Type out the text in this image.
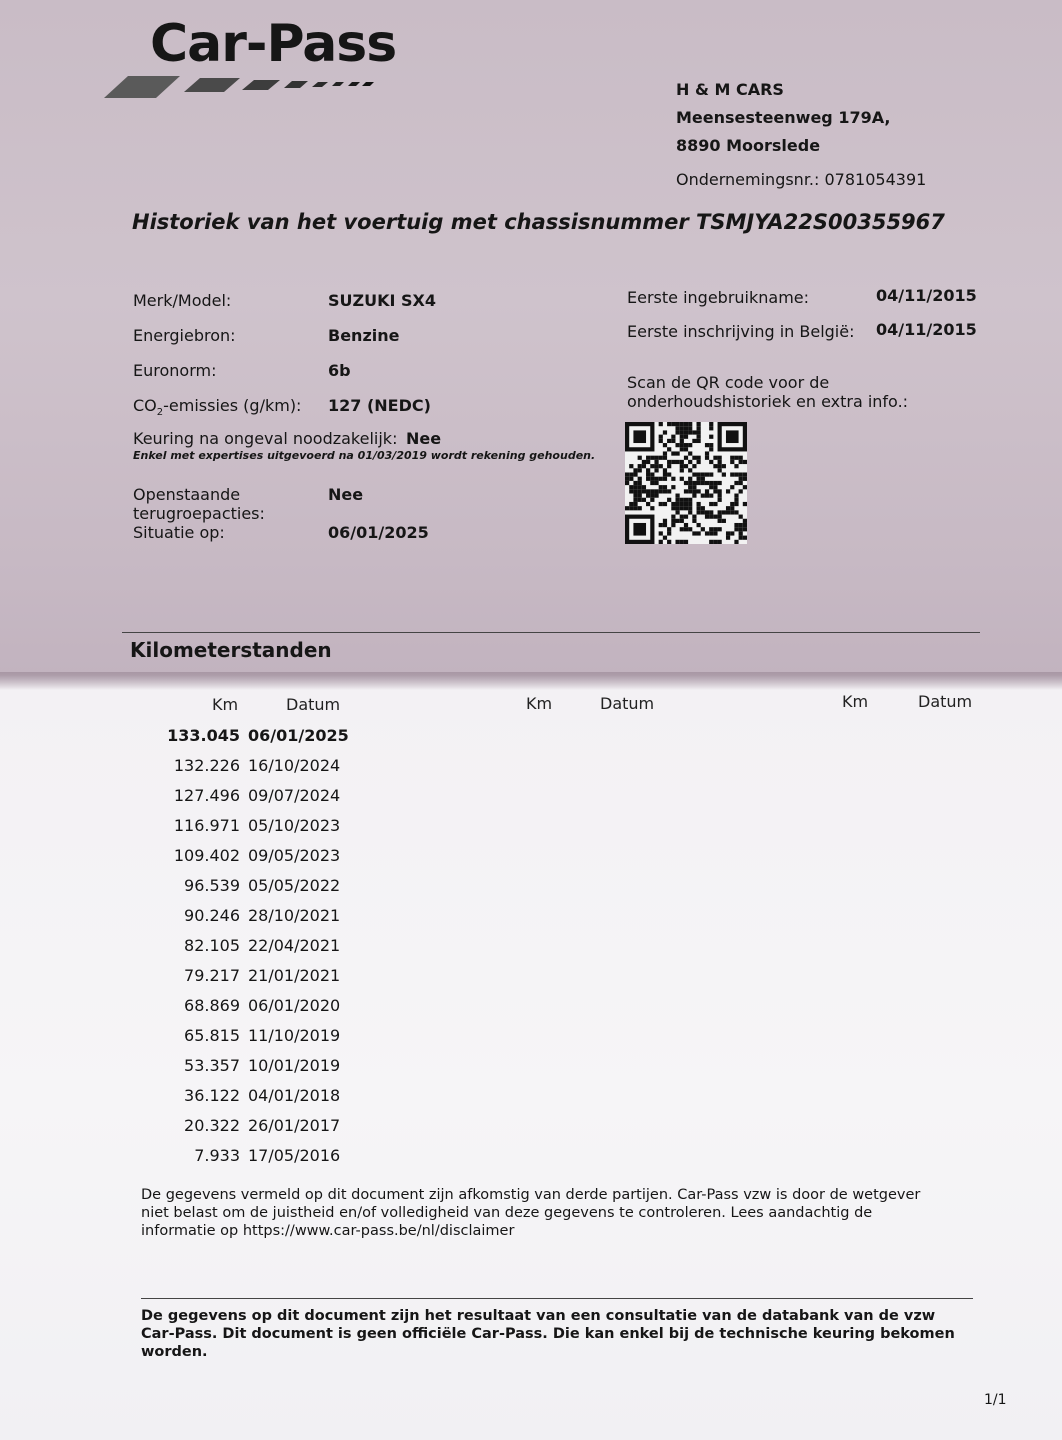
Car-Pass
H & M CARS
Meensesteenweg 179A,
8890 Moorslede
Ondernemingsnr.: 0781054391
Historiek van het voertuig met chassisnummer TSMJYA22S00355967
Merk/Model:	SUZUKI SX4
Energiebron:	Benzine
Euronorm:	6b
$CO_2$-emissies (g/km): 127 (NEDC)
Keuring na ongeval noodzakelijk: Nee
Enkel met expertises uitgevoerd na 01/03/2019 wordt rekening gehouden.
Openstaande
terugroepacties:
Nee
Situatie op:	06/01/2025
Eerste ingebruikname:	04/11/2015
Eerste inschrijving in België: 04/11/2015
Scan de QR code voor de
onderhoudshistoriek en extra info.:
Kilometerstanden
Km	Datum	Km	Datum	Km	Datum
133.045 06/01/2025
132.226 16/10/2024
127.496 09/07/2024
116.971 05/10/2023
109.402 09/05/2023
96.539 05/05/2022
90.246 28/10/2021
82.105 22/04/2021
79.217 21/01/2021
68.869 06/01/2020
65.815 11/10/2019
53.357 10/01/2019
36.122 04/01/2018
20.322 26/01/2017
7.933 17/05/2016
De gegevens vermeld op dit document zijn afkomstig van derde partijen. Car-Pass vzw is door de wetgever niet belast om de juistheid en/of volledigheid van deze gegevens te controleren. Lees aandachtig de informatie op https://www.car-pass.be/nl/disclaimer
De gegevens op dit document zijn het resultaat van een consultatie van de databank van de vzw Car-Pass. Dit document is geen officiële Car-Pass. Die kan enkel bij de technische keuring bekomen worden.
1/1
